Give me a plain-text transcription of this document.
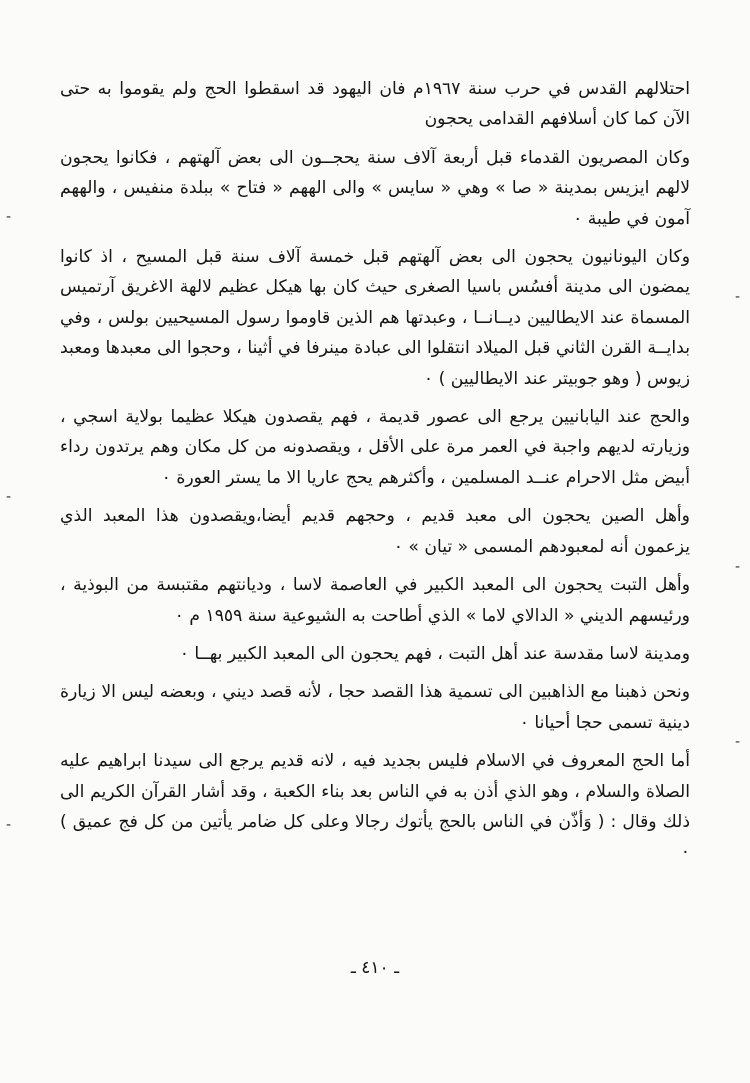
احتلالهم القدس في حرب سنة ١٩٦٧م فان اليهود قد اسقطوا الحج ولم يقوموا به حتى الآن كما كان أسلافهم القدامى يحجون

وكان المصريون القدماء قبل أربعة آلاف سنة يحجــون الى بعض آلهتهم ، فكانوا يحجون لالهم ايزيس بمدينة « صا » وهي « سايس » والى الههم « فتاح » ببلدة منفيس ، والههم آمون في طيبة ٠

وكان اليونانيون يحجون الى بعض آلهتهم قبل خمسة آلاف سنة قبل المسيح ، اذ كانوا يمضون الى مدينة أفسُس باسيا الصغرى حيث كان بها هيكل عظيم لالهة الاغريق آرتميس المسماة عند الايطاليين ديــانــا ، وعبدتها هم الذين قاوموا رسول المسيحيين بولس ، وفي بدايــة القرن الثاني قبل الميلاد انتقلوا الى عبادة مينرفا في أثينا ، وحجوا الى معبدها ومعبد زيوس ( وهو جوبيتر عند الايطاليين ) ٠

والحج عند اليابانيين يرجع الى عصور قديمة ، فهم يقصدون هيكلا عظيما بولاية اسجي ، وزيارته لديهم واجبة في العمر مرة على الأقل ، ويقصدونه من كل مكان وهم يرتدون رداء أبيض مثل الاحرام عنــد المسلمين ، وأكثرهم يحج عاريا الا ما يستر العورة ٠

وأهل الصين يحجون الى معبد قديم ، وحجهم قديم أيضا،ويقصدون هذا المعبد الذي يزعمون أنه لمعبودهم المسمى « تيان » ٠

وأهل التبت يحجون الى المعبد الكبير في العاصمة لاسا ، وديانتهم مقتبسة من البوذية ، ورئيسهم الديني « الدالاي لاما » الذي أطاحت به الشيوعية سنة ١٩٥٩ م ٠

ومدينة لاسا مقدسة عند أهل التبت ، فهم يحجون الى المعبد الكبير بهــا ٠

ونحن ذهبنا مع الذاهبين الى تسمية هذا القصد حجا ، لأنه قصد ديني ، وبعضه ليس الا زيارة دينية تسمى حجا أحيانا ٠

أما الحج المعروف في الاسلام فليس بجديد فيه ، لانه قديم يرجع الى سيدنا ابراهيم عليه الصلاة والسلام ، وهو الذي أذن به في الناس بعد بناء الكعبة ، وقد أشار القرآن الكريم الى ذلك وقال : ( وَأذّن في الناس بالحج يأتوك رجالا وعلى كل ضامر يأتين من كل فج عميق ) ٠

ـ ٤١٠ ـ
-
-
-
-
-
-
